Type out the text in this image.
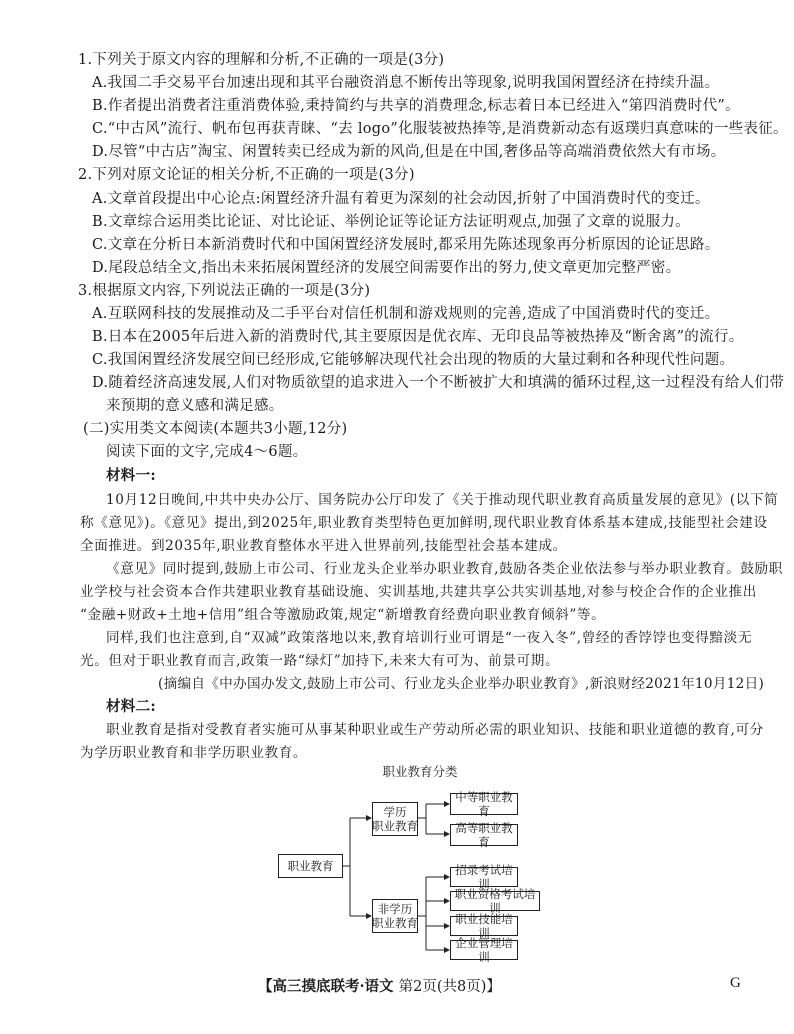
1.下列关于原文内容的理解和分析,不正确的一项是(3分)
A.我国二手交易平台加速出现和其平台融资消息不断传出等现象,说明我国闲置经济在持续升温。
B.作者提出消费者注重消费体验,秉持简约与共享的消费理念,标志着日本已经进入“第四消费时代”。
C.“中古风”流行、帆布包再获青睐、“去 logo”化服装被热捧等,是消费新动态有返璞归真意味的一些表征。
D.尽管“中古店”淘宝、闲置转卖已经成为新的风尚,但是在中国,奢侈品等高端消费依然大有市场。
2.下列对原文论证的相关分析,不正确的一项是(3分)
A.文章首段提出中心论点:闲置经济升温有着更为深刻的社会动因,折射了中国消费时代的变迁。
B.文章综合运用类比论证、对比论证、举例论证等论证方法证明观点,加强了文章的说服力。
C.文章在分析日本新消费时代和中国闲置经济发展时,都采用先陈述现象再分析原因的论证思路。
D.尾段总结全文,指出未来拓展闲置经济的发展空间需要作出的努力,使文章更加完整严密。
3.根据原文内容,下列说法正确的一项是(3分)
A.互联网科技的发展推动及二手平台对信任机制和游戏规则的完善,造成了中国消费时代的变迁。
B.日本在2005年后进入新的消费时代,其主要原因是优衣库、无印良品等被热捧及“断舍离”的流行。
C.我国闲置经济发展空间已经形成,它能够解决现代社会出现的物质的大量过剩和各种现代性问题。
D.随着经济高速发展,人们对物质欲望的追求进入一个不断被扩大和填满的循环过程,这一过程没有给人们带
来预期的意义感和满足感。
(二)实用类文本阅读(本题共3小题,12分)
阅读下面的文字,完成4～6题。
材料一:
10月12日晚间,中共中央办公厅、国务院办公厅印发了《关于推动现代职业教育高质量发展的意见》(以下简
称《意见》)。《意见》提出,到2025年,职业教育类型特色更加鲜明,现代职业教育体系基本建成,技能型社会建设
全面推进。到2035年,职业教育整体水平进入世界前列,技能型社会基本建成。
《意见》同时提到,鼓励上市公司、行业龙头企业举办职业教育,鼓励各类企业依法参与举办职业教育。鼓励职
业学校与社会资本合作共建职业教育基础设施、实训基地,共建共享公共实训基地,对参与校企合作的企业推出
“金融+财政+土地+信用”组合等激励政策,规定“新增教育经费向职业教育倾斜”等。
同样,我们也注意到,自“双减”政策落地以来,教育培训行业可谓是“一夜入冬”,曾经的香饽饽也变得黯淡无
光。但对于职业教育而言,政策一路“绿灯”加持下,未来大有可为、前景可期。
(摘编自《中办国办发文,鼓励上市公司、行业龙头企业举办职业教育》,新浪财经2021年10月12日)
材料二:
职业教育是指对受教育者实施可从事某种职业或生产劳动所必需的职业知识、技能和职业道德的教育,可分
为学历职业教育和非学历职业教育。
职业教育分类
职业教育
学历
职业教育
非学历
职业教育
中等职业教育
高等职业教育
招录考试培训
职业资格考试培训
职业技能培训
企业管理培训
【高三摸底联考·语文 第2页(共8页)】	G
